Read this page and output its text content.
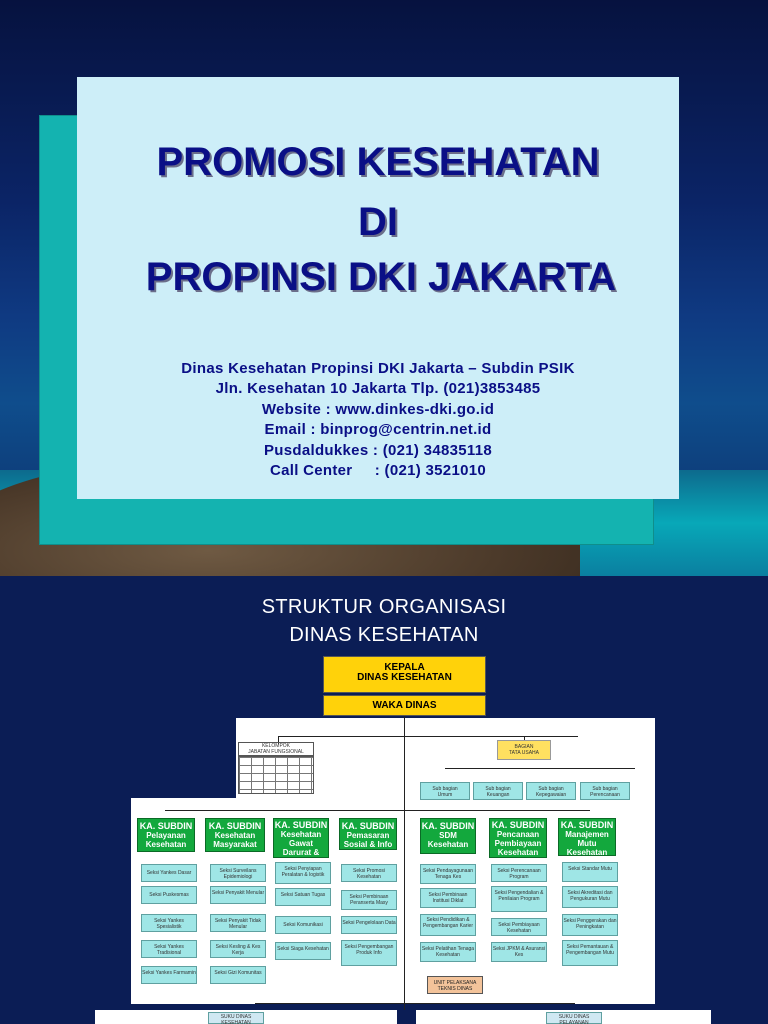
PROMOSI KESEHATAN
DI
PROPINSI DKI JAKARTA
Dinas Kesehatan Propinsi DKI Jakarta – Subdin PSIK
Jln. Kesehatan 10 Jakarta Tlp. (021)3853485
Website : www.dinkes-dki.go.id
Email : binprog@centrin.net.id
Pusdaldukkes : (021) 34835118
Call Center     : (021) 3521010
STRUKTUR ORGANISASI
DINAS KESEHATAN
KEPALA
DINAS KESEHATAN
WAKA DINAS
KELOMPOK
JABATAN FUNGSIONAL
BAGIAN
TATA USAHA
Sub bagian
Umum
Sub bagian
Keuangan
Sub bagian
Kepegawaian
Sub bagian
Perencanaan
KA. SUBDIN
Pelayanan Kesehatan
Seksi Yankes Dasar
Seksi Puskesmas
Seksi Yankes Spesialistik
Seksi Yankes Tradisional
Seksi Yankes Farmamin
KA. SUBDIN
Kesehatan Masyarakat
Seksi Surveilans Epidemiologi
Seksi Penyakit Menular
Seksi Penyakit Tidak Menular
Seksi Kesling & Kes Kerja
Seksi Gizi Komunitas
KA. SUBDIN
Kesehatan Gawat Darurat &
Seksi Penyiapan Peralatan & logistik
Seksi Satuan Tugas
Seksi Komunikasi
Seksi Siaga Kesehatan
KA. SUBDIN
Pemasaran Sosial & Info Kes
Seksi Promosi Kesehatan
Seksi Pembinaan Peranserta Masy
Seksi Pengelolaan Data
Seksi Pengembangan Produk Info
KA. SUBDIN
SDM Kesehatan
Seksi Pendayagunaan Tenaga Kes
Seksi Pembinaan Institusi Diklat
Seksi Pendidikan & Pengembangan Karier
Seksi Pelatihan Tenaga Kesehatan
KA. SUBDIN
Pencanaan Pembiayaan Kesehatan
Seksi Perencanaan Program
Seksi Pengendalian & Penilaian Program
Seksi Pembiayaan Kesehatan
Seksi JPKM & Asuransi Kes
KA. SUBDIN
Manajemen Mutu Kesehatan
Seksi Standar Mutu
Seksi Akreditasi dan Pengukuran Mutu
Seksi Penggerakan dan Peningkatan
Seksi Pemantauan & Pengembangan Mutu
UNIT PELAKSANA
TEKNIS DINAS
SUKU DINAS
KESEHATAN
SUKU DINAS
PELAYANAN
